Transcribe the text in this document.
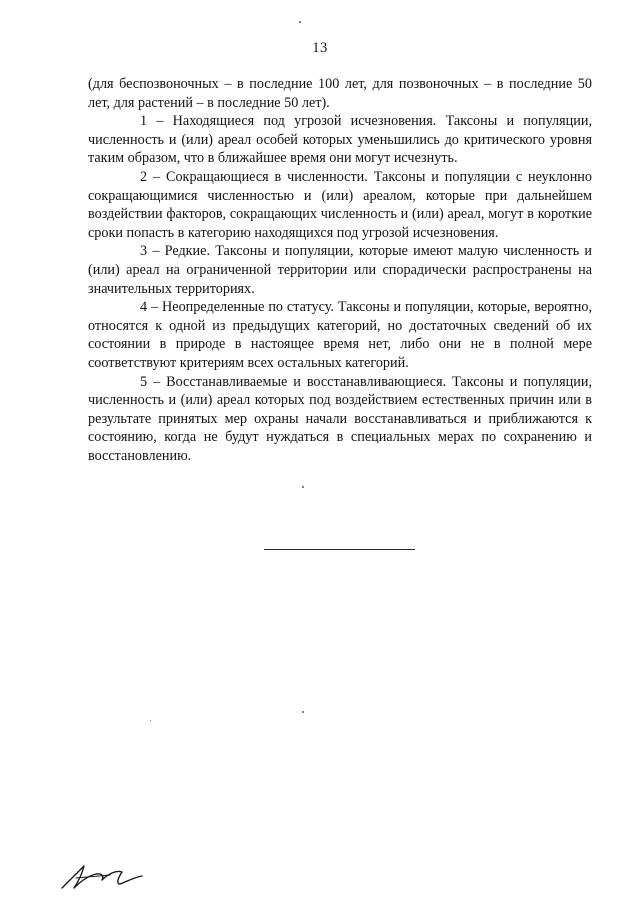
13

(для беспозвоночных – в последние 100 лет, для позвоночных – в последние 50 лет, для растений – в последние 50 лет).

1 – Находящиеся под угрозой исчезновения. Таксоны и популяции, численность и (или) ареал особей которых уменьшились до критического уровня таким образом, что в ближайшее время они могут исчезнуть.

2 – Сокращающиеся в численности. Таксоны и популяции с неуклонно сокращающимися численностью и (или) ареалом, которые при дальнейшем воздействии факторов, сокращающих численность и (или) ареал, могут в короткие сроки попасть в категорию находящихся под угрозой исчезновения.

3 – Редкие. Таксоны и популяции, которые имеют малую численность и (или) ареал на ограниченной территории или спорадически распространены на значительных территориях.

4 – Неопределенные по статусу. Таксоны и популяции, которые, вероятно, относятся к одной из предыдущих категорий, но достаточных сведений об их состоянии в природе в настоящее время нет, либо они не в полной мере соответствуют критериям всех остальных категорий.

5 – Восстанавливаемые и восстанавливающиеся. Таксоны и популяции, численность и (или) ареал которых под воздействием естественных причин или в результате принятых мер охраны начали восстанавливаться и приближаются к состоянию, когда не будут нуждаться в специальных мерах по сохранению и восстановлению.
